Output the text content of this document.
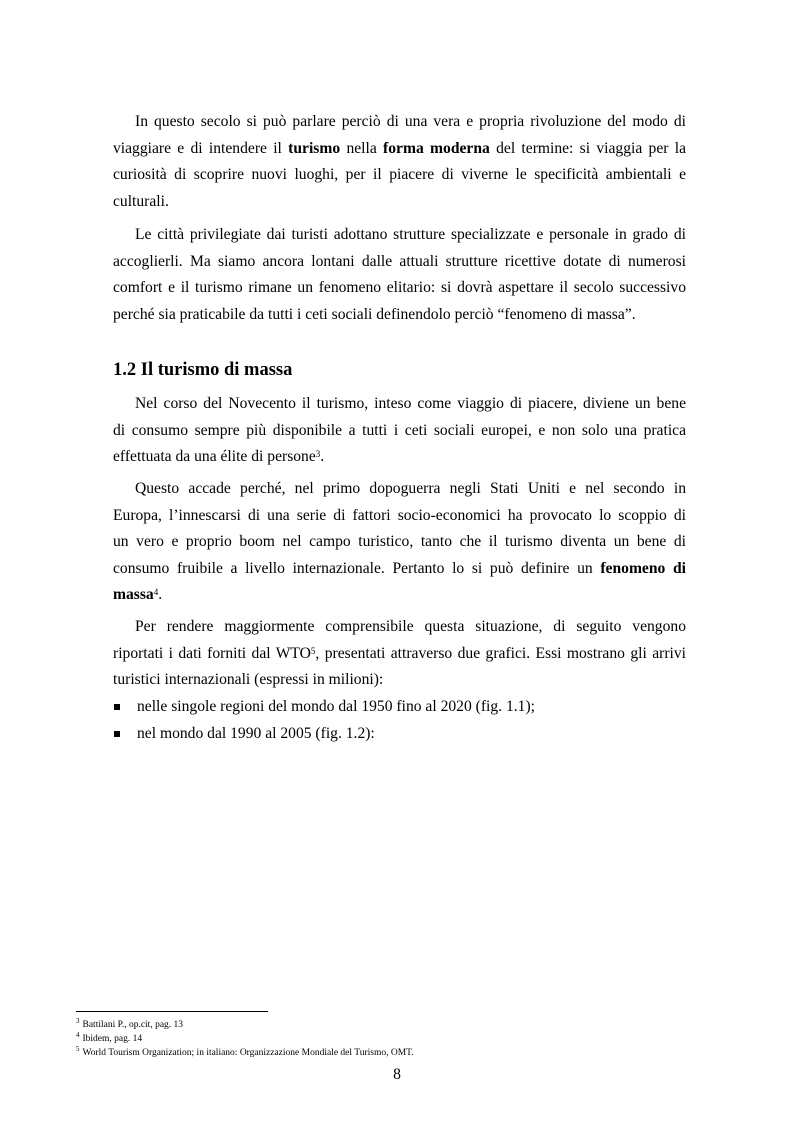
In questo secolo si può parlare perciò di una vera e propria rivoluzione del modo di
viaggiare e di intendere il turismo nella forma moderna del termine: si viaggia per la
curiosità di scoprire nuovi luoghi, per il piacere di viverne le specificità ambientali e
culturali.
Le città privilegiate dai turisti adottano strutture specializzate e personale in grado di
accoglierli. Ma siamo ancora lontani dalle attuali strutture ricettive dotate di numerosi
comfort e il turismo rimane un fenomeno elitario: si dovrà aspettare il secolo successivo
perché sia praticabile da tutti i ceti sociali definendolo perciò “fenomeno di massa”.
1.2 Il turismo di massa
Nel corso del Novecento il turismo, inteso come viaggio di piacere, diviene un bene
di consumo sempre più disponibile a tutti i ceti sociali europei, e non solo una pratica
effettuata da una élite di persone$^3$.
Questo accade perché, nel primo dopoguerra negli Stati Uniti e nel secondo in
Europa, l’innescarsi di una serie di fattori socio-economici ha provocato lo scoppio di
un vero e proprio boom nel campo turistico, tanto che il turismo diventa un bene di
consumo fruibile a livello internazionale. Pertanto lo si può definire un fenomeno di
massa$^4$.
Per rendere maggiormente comprensibile questa situazione, di seguito vengono
riportati i dati forniti dal WTO$^5$, presentati attraverso due grafici. Essi mostrano gli arrivi
turistici internazionali (espressi in milioni):
nelle singole regioni del mondo dal 1950 fino al 2020 (fig. 1.1);
nel mondo dal 1990 al 2005 (fig. 1.2):
$^3$ Battilani P., op.cit, pag. 13
$^4$ Ibidem, pag. 14
$^5$ World Tourism Organization; in italiano: Organizzazione Mondiale del Turismo, OMT.
8
